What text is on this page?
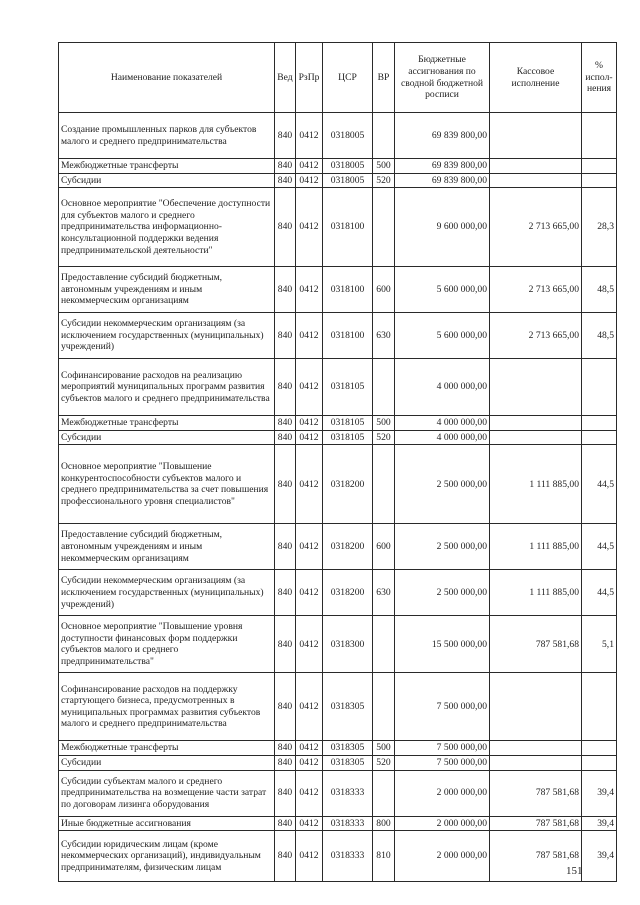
Наименование показателей	Вед	РзПр	ЦСР	ВР	Бюджетные ассигнования по сводной бюджетной росписи	Кассовое исполнение	% испол-нения
Создание промышленных парков для субъектов малого и среднего предпринимательства	840	0412	0318005		69 839 800,00		
Межбюджетные трансферты	840	0412	0318005	500	69 839 800,00		
Субсидии	840	0412	0318005	520	69 839 800,00		
Основное мероприятие "Обеспечение доступности для субъектов малого и среднего предпринимательства информационно-консультационной поддержки ведения предпринимательской деятельности"	840	0412	0318100		9 600 000,00	2 713 665,00	28,3
Предоставление субсидий бюджетным, автономным учреждениям и иным некоммерческим организациям	840	0412	0318100	600	5 600 000,00	2 713 665,00	48,5
Субсидии некоммерческим организациям (за исключением государственных (муниципальных) учреждений)	840	0412	0318100	630	5 600 000,00	2 713 665,00	48,5
Софинансирование расходов на реализацию мероприятий муниципальных программ развития субъектов малого и среднего предпринимательства	840	0412	0318105		4 000 000,00		
Межбюджетные трансферты	840	0412	0318105	500	4 000 000,00		
Субсидии	840	0412	0318105	520	4 000 000,00		
Основное мероприятие "Повышение конкурентоспособности субъектов малого и среднего предпринимательства за счет повышения профессионального уровня специалистов"	840	0412	0318200		2 500 000,00	1 111 885,00	44,5
Предоставление субсидий бюджетным, автономным учреждениям и иным некоммерческим организациям	840	0412	0318200	600	2 500 000,00	1 111 885,00	44,5
Субсидии некоммерческим организациям (за исключением государственных (муниципальных) учреждений)	840	0412	0318200	630	2 500 000,00	1 111 885,00	44,5
Основное мероприятие "Повышение уровня доступности финансовых форм поддержки субъектов малого и среднего предпринимательства"	840	0412	0318300		15 500 000,00	787 581,68	5,1
Софинансирование расходов на поддержку стартующего бизнеса, предусмотренных в муниципальных программах развития субъектов малого и среднего предпринимательства	840	0412	0318305		7 500 000,00		
Межбюджетные трансферты	840	0412	0318305	500	7 500 000,00		
Субсидии	840	0412	0318305	520	7 500 000,00		
Субсидии субъектам малого и среднего предпринимательства на возмещение части затрат по договорам лизинга оборудования	840	0412	0318333		2 000 000,00	787 581,68	39,4
Иные бюджетные ассигнования	840	0412	0318333	800	2 000 000,00	787 581,68	39,4
Субсидии юридическим лицам (кроме некоммерческих организаций), индивидуальным предпринимателям, физическим лицам	840	0412	0318333	810	2 000 000,00	787 581,68	39,4
151
